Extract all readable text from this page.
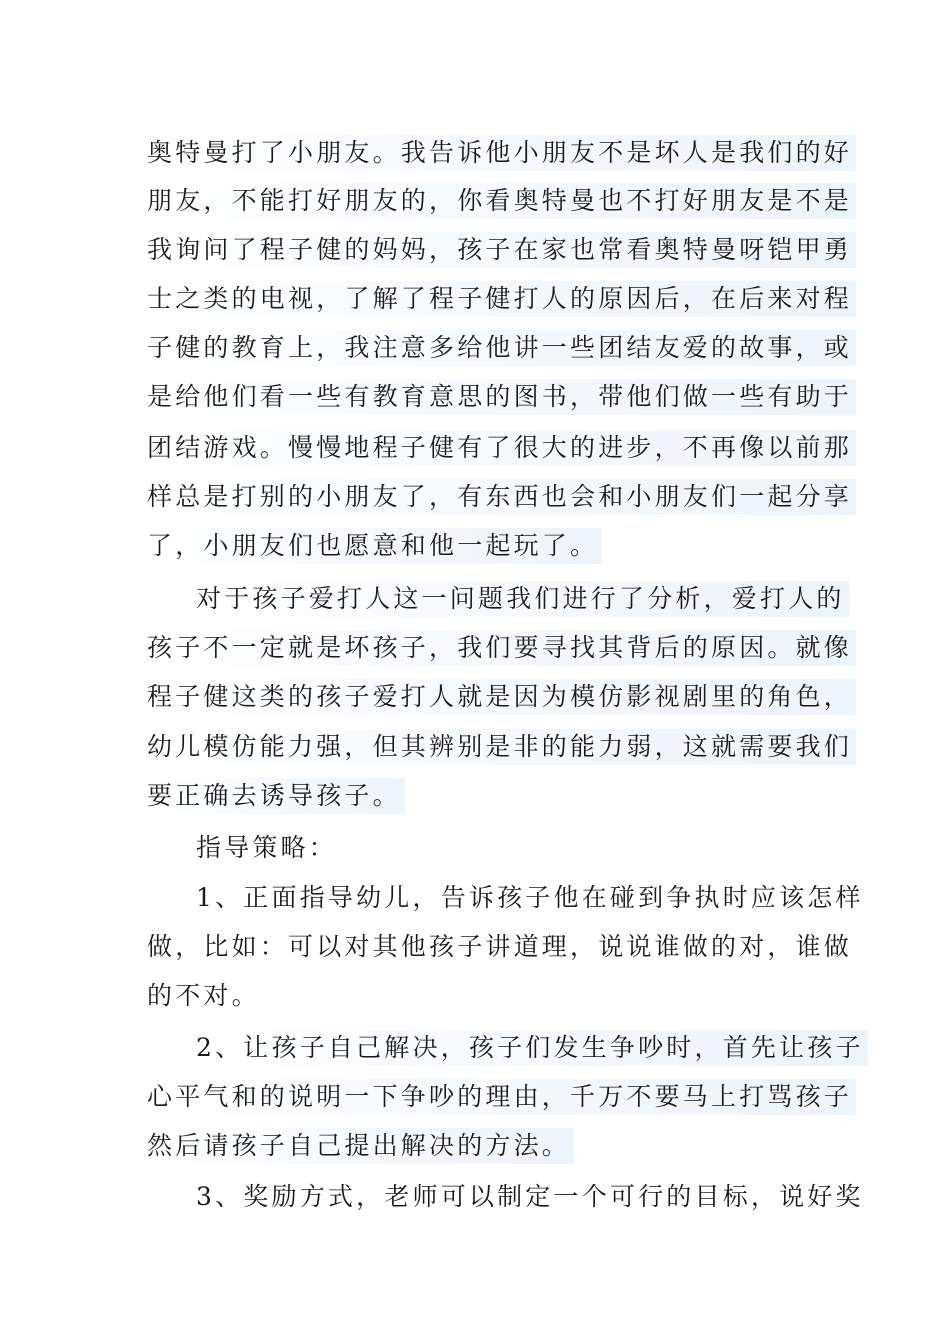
奥特曼打了小朋友。我告诉他小朋友不是坏人是我们的好
朋友，不能打好朋友的，你看奥特曼也不打好朋友是不是
我询问了程子健的妈妈，孩子在家也常看奥特曼呀铠甲勇
士之类的电视，了解了程子健打人的原因后，在后来对程
子健的教育上，我注意多给他讲一些团结友爱的故事，或
是给他们看一些有教育意思的图书，带他们做一些有助于
团结游戏。慢慢地程子健有了很大的进步，不再像以前那
样总是打别的小朋友了，有东西也会和小朋友们一起分享
了，小朋友们也愿意和他一起玩了。
对于孩子爱打人这一问题我们进行了分析，爱打人的
孩子不一定就是坏孩子，我们要寻找其背后的原因。就像
程子健这类的孩子爱打人就是因为模仿影视剧里的角色，
幼儿模仿能力强，但其辨别是非的能力弱，这就需要我们
要正确去诱导孩子。
指导策略：
1、正面指导幼儿，告诉孩子他在碰到争执时应该怎样
做，比如：可以对其他孩子讲道理，说说谁做的对，谁做
的不对。
2、让孩子自己解决，孩子们发生争吵时，首先让孩子
心平气和的说明一下争吵的理由，千万不要马上打骂孩子
然后请孩子自己提出解决的方法。
3、奖励方式，老师可以制定一个可行的目标，说好奖
